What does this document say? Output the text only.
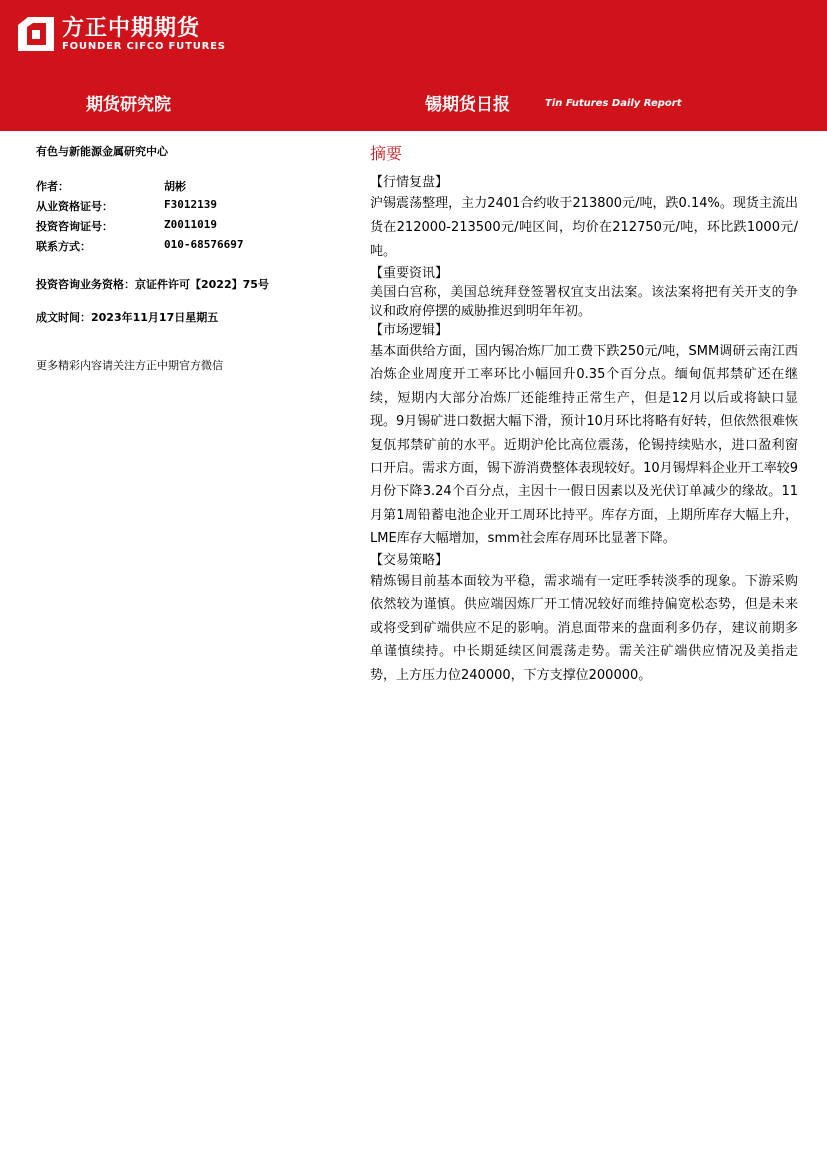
方正中期期货
FOUNDER CIFCO FUTURES
期货研究院	锡期货日报	Tin Futures Daily Report
有色与新能源金属研究中心
作者：	胡彬
从业资格证号：	F3012139
投资咨询证号：	Z0011019
联系方式：	010-68576697
投资咨询业务资格：京证件许可【2022】75号
成文时间：2023年11月17日星期五
更多精彩内容请关注方正中期官方微信
摘要
【行情复盘】

沪锡震荡整理，主力2401合约收于213800元/吨，跌0.14%。现货主流出货在212000-213500元/吨区间，均价在212750元/吨，环比跌1000元/吨。

【重要资讯】

美国白宫称，美国总统拜登签署权宜支出法案。该法案将把有关开支的争议和政府停摆的威胁推迟到明年年初。

【市场逻辑】

基本面供给方面，国内锡冶炼厂加工费下跌250元/吨，SMM调研云南江西冶炼企业周度开工率环比小幅回升0.35个百分点。缅甸佤邦禁矿还在继续，短期内大部分冶炼厂还能维持正常生产，但是12月以后或将缺口显现。9月锡矿进口数据大幅下滑，预计10月环比将略有好转，但依然很难恢复佤邦禁矿前的水平。近期沪伦比高位震荡，伦锡持续贴水，进口盈利窗口开启。需求方面，锡下游消费整体表现较好。10月锡焊料企业开工率较9月份下降3.24个百分点，主因十一假日因素以及光伏订单减少的缘故。11月第1周铅蓄电池企业开工周环比持平。库存方面，上期所库存大幅上升，LME库存大幅增加，smm社会库存周环比显著下降。

【交易策略】

精炼锡目前基本面较为平稳，需求端有一定旺季转淡季的现象。下游采购依然较为谨慎。供应端因炼厂开工情况较好而维持偏宽松态势，但是未来或将受到矿端供应不足的影响。消息面带来的盘面利多仍存，建议前期多单谨慎续持。中长期延续区间震荡走势。需关注矿端供应情况及美指走势，上方压力位240000，下方支撑位200000。
